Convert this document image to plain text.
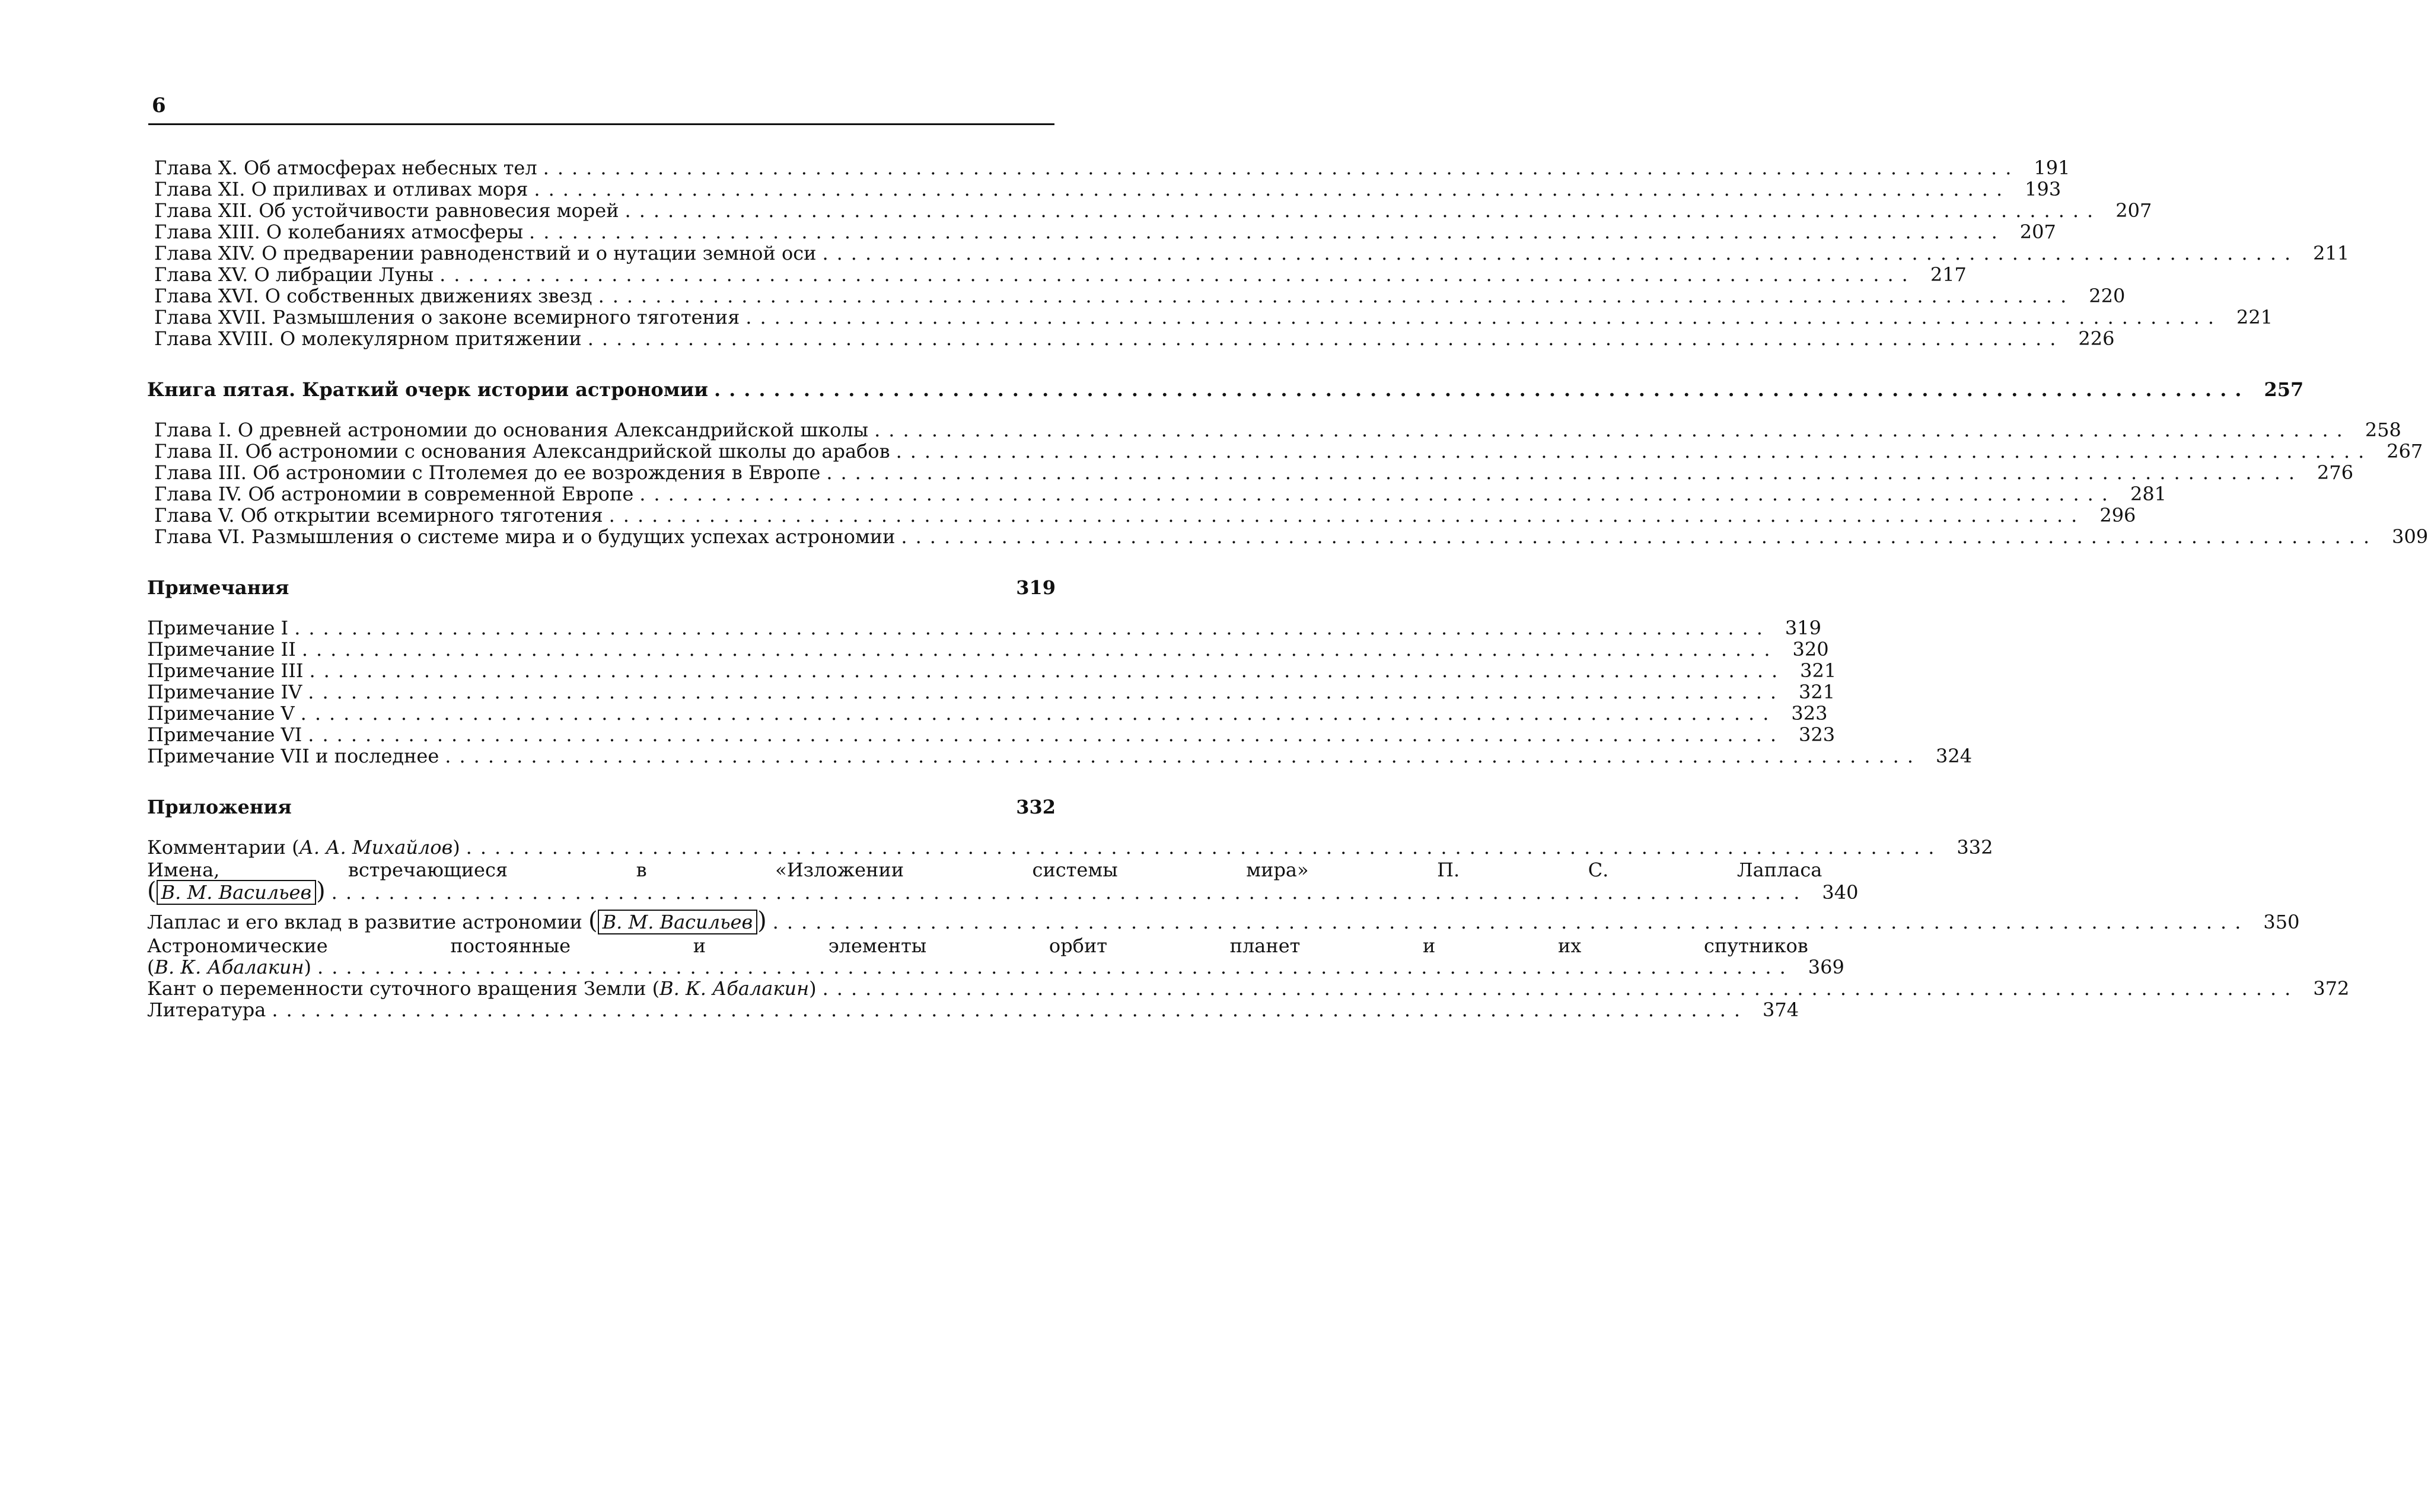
6
Глава X. Об атмосферах небесных тел ....................................................................................................... 191
Глава XI. О приливах и отливах моря ....................................................................................................... 193
Глава XII. Об устойчивости равновесия морей ....................................................................................................... 207
Глава XIII. О колебаниях атмосферы ....................................................................................................... 207
Глава XIV. О предварении равноденствий и о нутации земной оси ....................................................................................................... 211
Глава XV. О либрации Луны ....................................................................................................... 217
Глава XVI. О собственных движениях звезд ....................................................................................................... 220
Глава XVII. Размышления о законе всемирного тяготения ....................................................................................................... 221
Глава XVIII. О молекулярном притяжении ....................................................................................................... 226
Книга пятая. Краткий очерк истории астрономии ....................................................................................................... 257
Глава I. О древней астрономии до основания Александрийской школы ....................................................................................................... 258
Глава II. Об астрономии с основания Александрийской школы до арабов ....................................................................................................... 267
Глава III. Об астрономии с Птолемея до ее возрождения в Европе ....................................................................................................... 276
Глава IV. Об астрономии в современной Европе ....................................................................................................... 281
Глава V. Об открытии всемирного тяготения ....................................................................................................... 296
Глава VI. Размышления о системе мира и о будущих успехах астрономии ....................................................................................................... 309
Примечания	319
Примечание I ....................................................................................................... 319
Примечание II ....................................................................................................... 320
Примечание III ....................................................................................................... 321
Примечание IV ....................................................................................................... 321
Примечание V ....................................................................................................... 323
Примечание VI ....................................................................................................... 323
Примечание VII и последнее ....................................................................................................... 324
Приложения	332
Комментарии (А. А. Михайлов) ....................................................................................................... 332
Имена, встречающиеся в «Изложении системы мира» П. С. Лапласа
( В. М. Васильев ) ....................................................................................................... 340
Лаплас и его вклад в развитие астрономии ( В. М. Васильев ) ....................................................................................................... 350
Астрономические постоянные и элементы орбит планет и их спутников
(В. К. Абалакин) ....................................................................................................... 369
Кант о переменности суточного вращения Земли (В. К. Абалакин) ....................................................................................................... 372
Литература ....................................................................................................... 374
